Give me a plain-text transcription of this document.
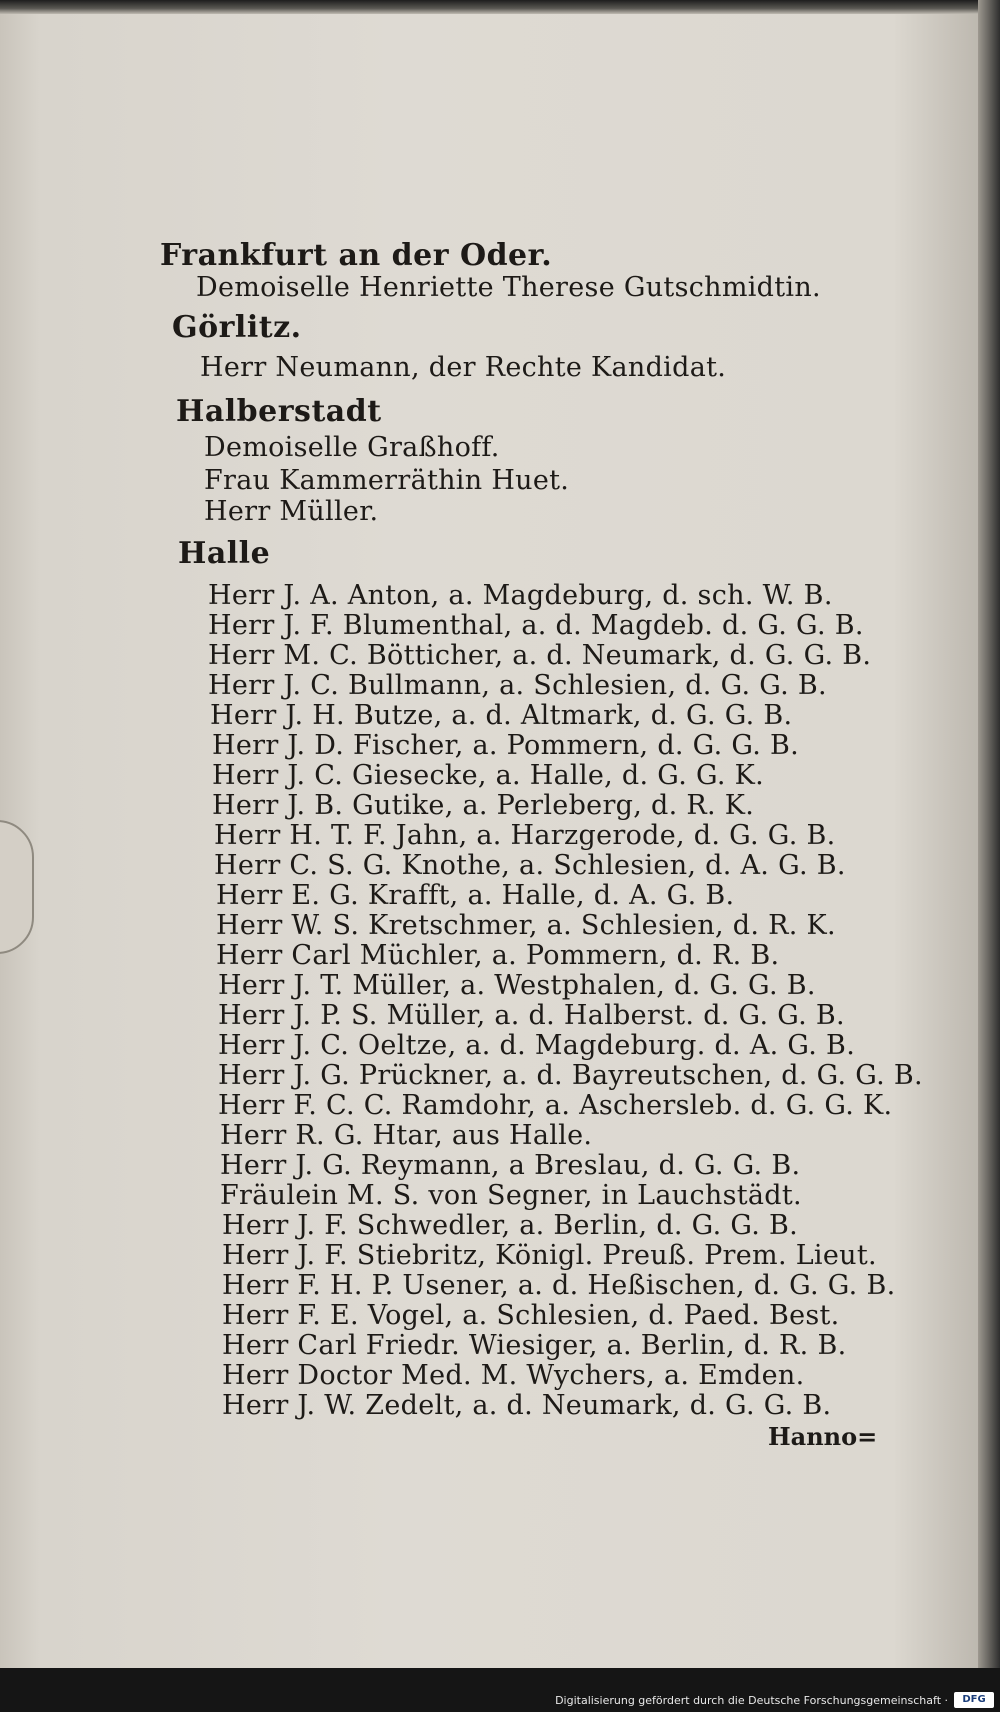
Frankfurt an der Oder.
Demoiselle Henriette Therese Gutschmidtin.
Görlitz.
Herr Neumann, der Rechte Kandidat.
Halberstadt
Demoiselle Graßhoff.
Frau Kammerräthin Huet.
Herr Müller.
Halle
Herr J. A. Anton, a. Magdeburg, d. sch. W. B.
Herr J. F. Blumenthal, a. d. Magdeb. d. G. G. B.
Herr M. C. Bötticher, a. d. Neumark, d. G. G. B.
Herr J. C. Bullmann, a. Schlesien, d. G. G. B.
Herr J. H. Butze, a. d. Altmark, d. G. G. B.
Herr J. D. Fischer, a. Pommern, d. G. G. B.
Herr J. C. Giesecke, a. Halle, d. G. G. K.
Herr J. B. Gutike, a. Perleberg, d. R. K.
Herr H. T. F. Jahn, a. Harzgerode, d. G. G. B.
Herr C. S. G. Knothe, a. Schlesien, d. A. G. B.
Herr E. G. Krafft, a. Halle, d. A. G. B.
Herr W. S. Kretschmer, a. Schlesien, d. R. K.
Herr Carl Müchler, a. Pommern, d. R. B.
Herr J. T. Müller, a. Westphalen, d. G. G. B.
Herr J. P. S. Müller, a. d. Halberst. d. G. G. B.
Herr J. C. Oeltze, a. d. Magdeburg. d. A. G. B.
Herr J. G. Prückner, a. d. Bayreutschen, d. G. G. B.
Herr F. C. C. Ramdohr, a. Ascherslеb. d. G. G. K.
Herr R. G. Htar, aus Halle.
Herr J. G. Reymann, a Breslau, d. G. G. B.
Fräulein M. S. von Segner, in Lauchstädt.
Herr J. F. Schwedler, a. Berlin, d. G. G. B.
Herr J. F. Stiebritz, Königl. Preuß. Prem. Lieut.
Herr F. H. P. Usener, a. d. Heßischen, d. G. G. B.
Herr F. E. Vogel, a. Schlesien, d. Paed. Best.
Herr Carl Friedr. Wiesiger, a. Berlin, d. R. B.
Herr Doctor Med. M. Wychers, a. Emden.
Herr J. W. Zedelt, a. d. Neumark, d. G. G. B.
Hanno=
Digitalisierung gefördert durch die Deutsche Forschungsgemeinschaft ·	DFG
